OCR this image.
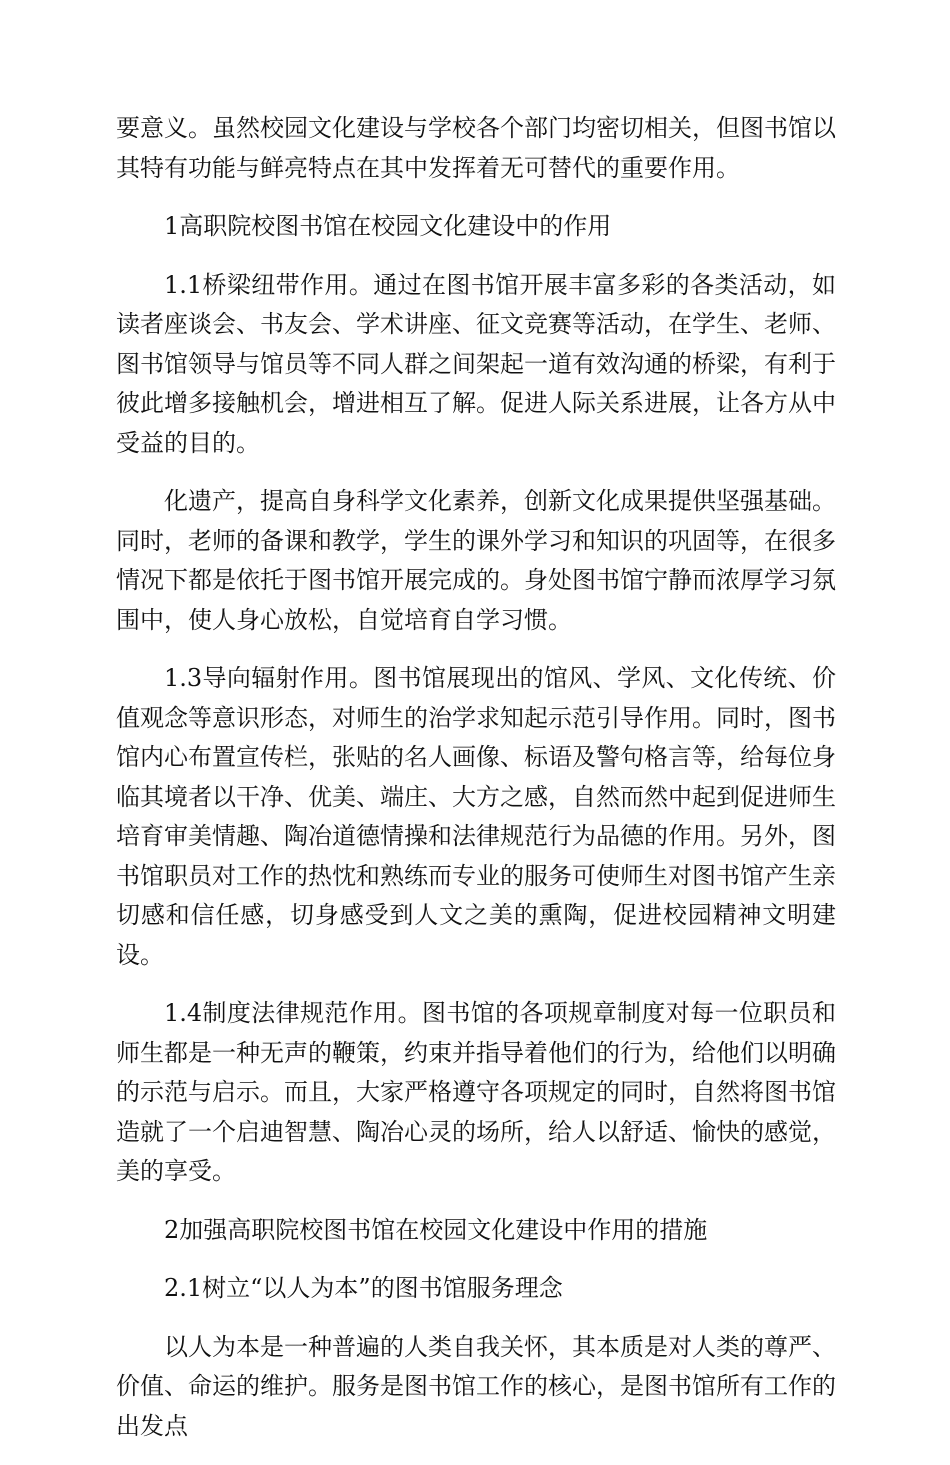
要意义。虽然校园文化建设与学校各个部门均密切相关，但图书馆以其特有功能与鲜亮特点在其中发挥着无可替代的重要作用。

1高职院校图书馆在校园文化建设中的作用

1.1桥梁纽带作用。通过在图书馆开展丰富多彩的各类活动，如读者座谈会、书友会、学术讲座、征文竞赛等活动，在学生、老师、图书馆领导与馆员等不同人群之间架起一道有效沟通的桥梁，有利于彼此增多接触机会，增进相互了解。促进人际关系进展，让各方从中受益的目的。

化遗产，提高自身科学文化素养，创新文化成果提供坚强基础。同时，老师的备课和教学，学生的课外学习和知识的巩固等，在很多情况下都是依托于图书馆开展完成的。身处图书馆宁静而浓厚学习氛围中，使人身心放松，自觉培育自学习惯。

1.3导向辐射作用。图书馆展现出的馆风、学风、文化传统、价值观念等意识形态，对师生的治学求知起示范引导作用。同时，图书馆内心布置宣传栏，张贴的名人画像、标语及警句格言等，给每位身临其境者以干净、优美、端庄、大方之感，自然而然中起到促进师生培育审美情趣、陶冶道德情操和法律规范行为品德的作用。另外，图书馆职员对工作的热忱和熟练而专业的服务可使师生对图书馆产生亲切感和信任感，切身感受到人文之美的熏陶，促进校园精神文明建设。

1.4制度法律规范作用。图书馆的各项规章制度对每一位职员和师生都是一种无声的鞭策，约束并指导着他们的行为，给他们以明确的示范与启示。而且，大家严格遵守各项规定的同时，自然将图书馆造就了一个启迪智慧、陶冶心灵的场所，给人以舒适、愉快的感觉，美的享受。

2加强高职院校图书馆在校园文化建设中作用的措施

2.1树立“以人为本”的图书馆服务理念

以人为本是一种普遍的人类自我关怀，其本质是对人类的尊严、价值、命运的维护。服务是图书馆工作的核心，是图书馆所有工作的出发点
